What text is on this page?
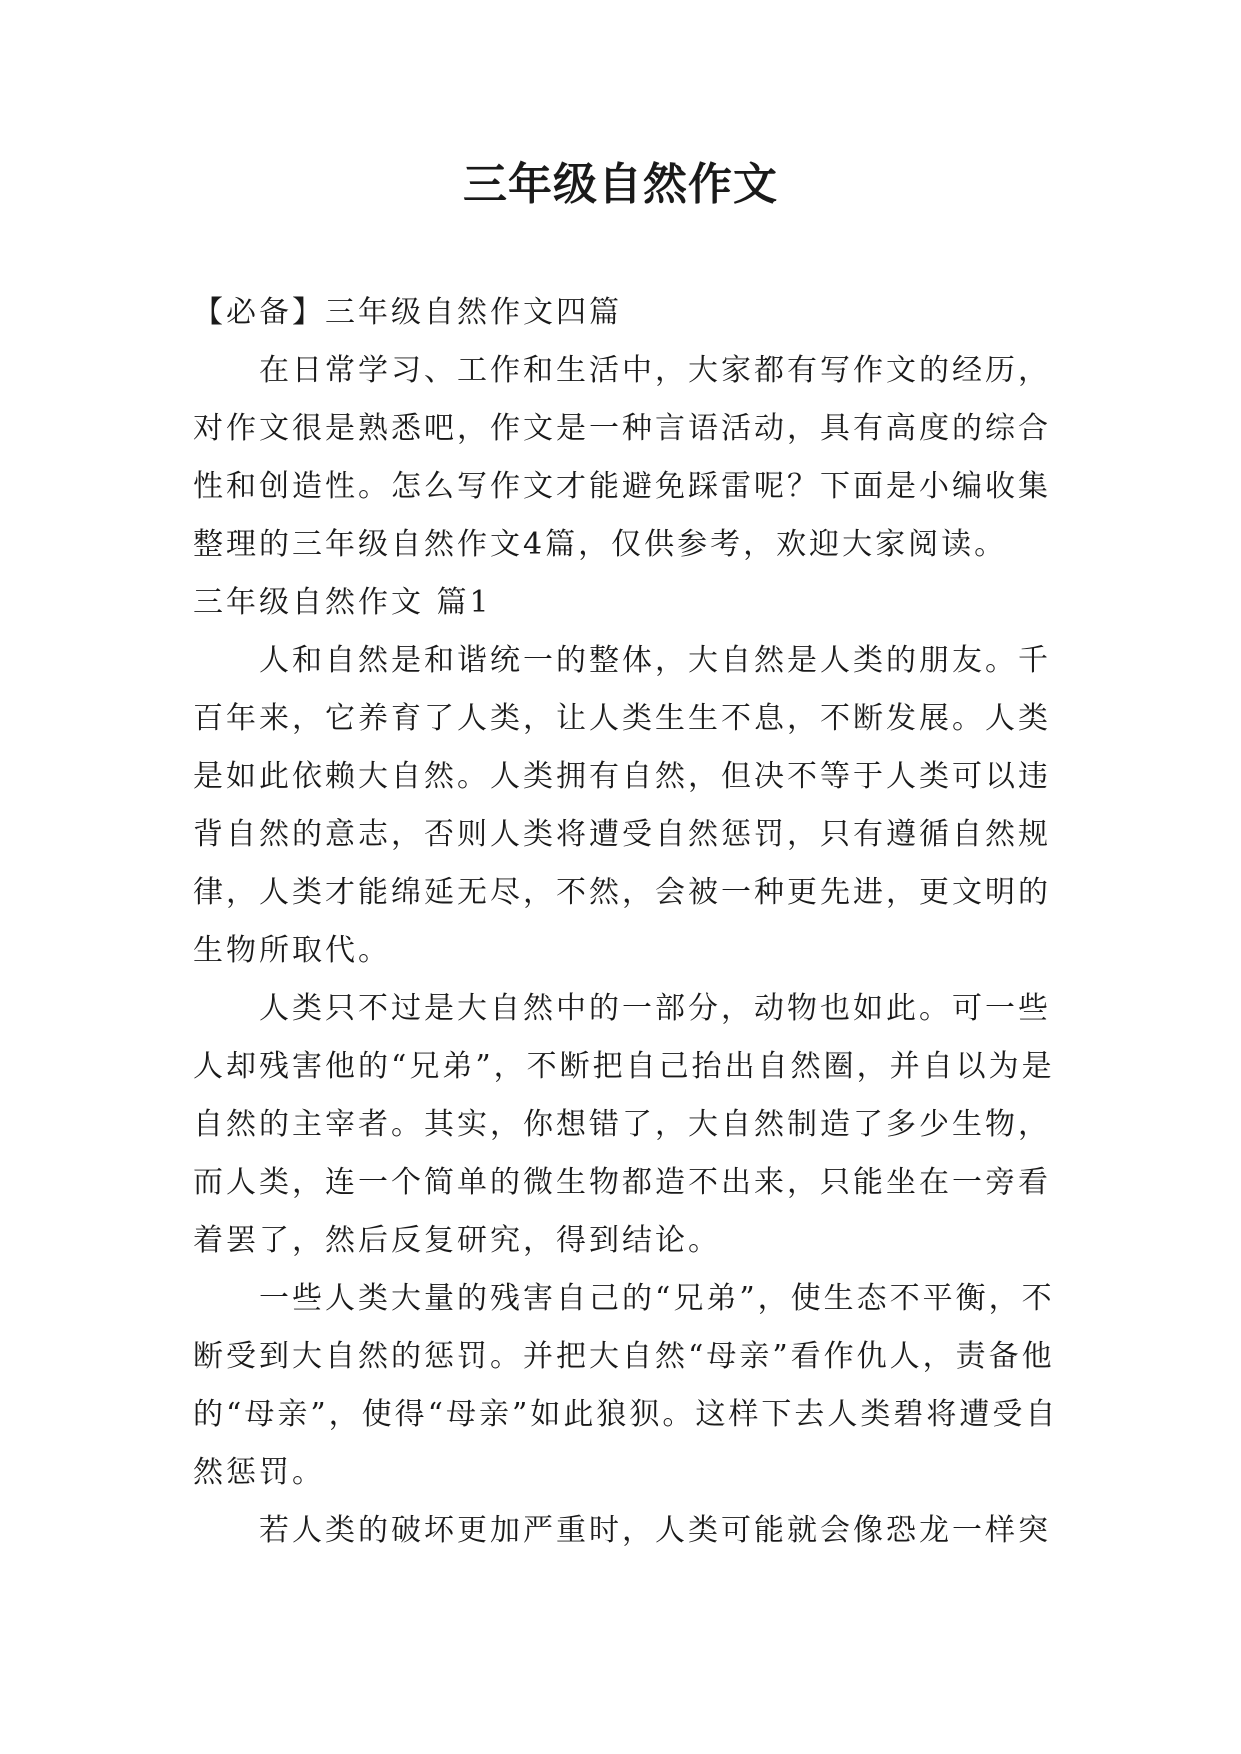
三年级自然作文

【必备】三年级自然作文四篇

在日常学习、工作和生活中，大家都有写作文的经历，对作文很是熟悉吧，作文是一种言语活动，具有高度的综合性和创造性。怎么写作文才能避免踩雷呢？下面是小编收集整理的三年级自然作文4篇，仅供参考，欢迎大家阅读。

三年级自然作文 篇1

人和自然是和谐统一的整体，大自然是人类的朋友。千百年来，它养育了人类，让人类生生不息，不断发展。人类是如此依赖大自然。人类拥有自然，但决不等于人类可以违背自然的意志，否则人类将遭受自然惩罚，只有遵循自然规律，人类才能绵延无尽，不然，会被一种更先进，更文明的生物所取代。

人类只不过是大自然中的一部分，动物也如此。可一些人却残害他的“兄弟”，不断把自己抬出自然圈，并自以为是自然的主宰者。其实，你想错了，大自然制造了多少生物，而人类，连一个简单的微生物都造不出来，只能坐在一旁看着罢了，然后反复研究，得到结论。

一些人类大量的残害自己的“兄弟”，使生态不平衡，不断受到大自然的惩罚。并把大自然“母亲”看作仇人，责备他的“母亲”，使得“母亲”如此狼狈。这样下去人类碧将遭受自然惩罚。

若人类的破坏更加严重时，人类可能就会像恐龙一样突
